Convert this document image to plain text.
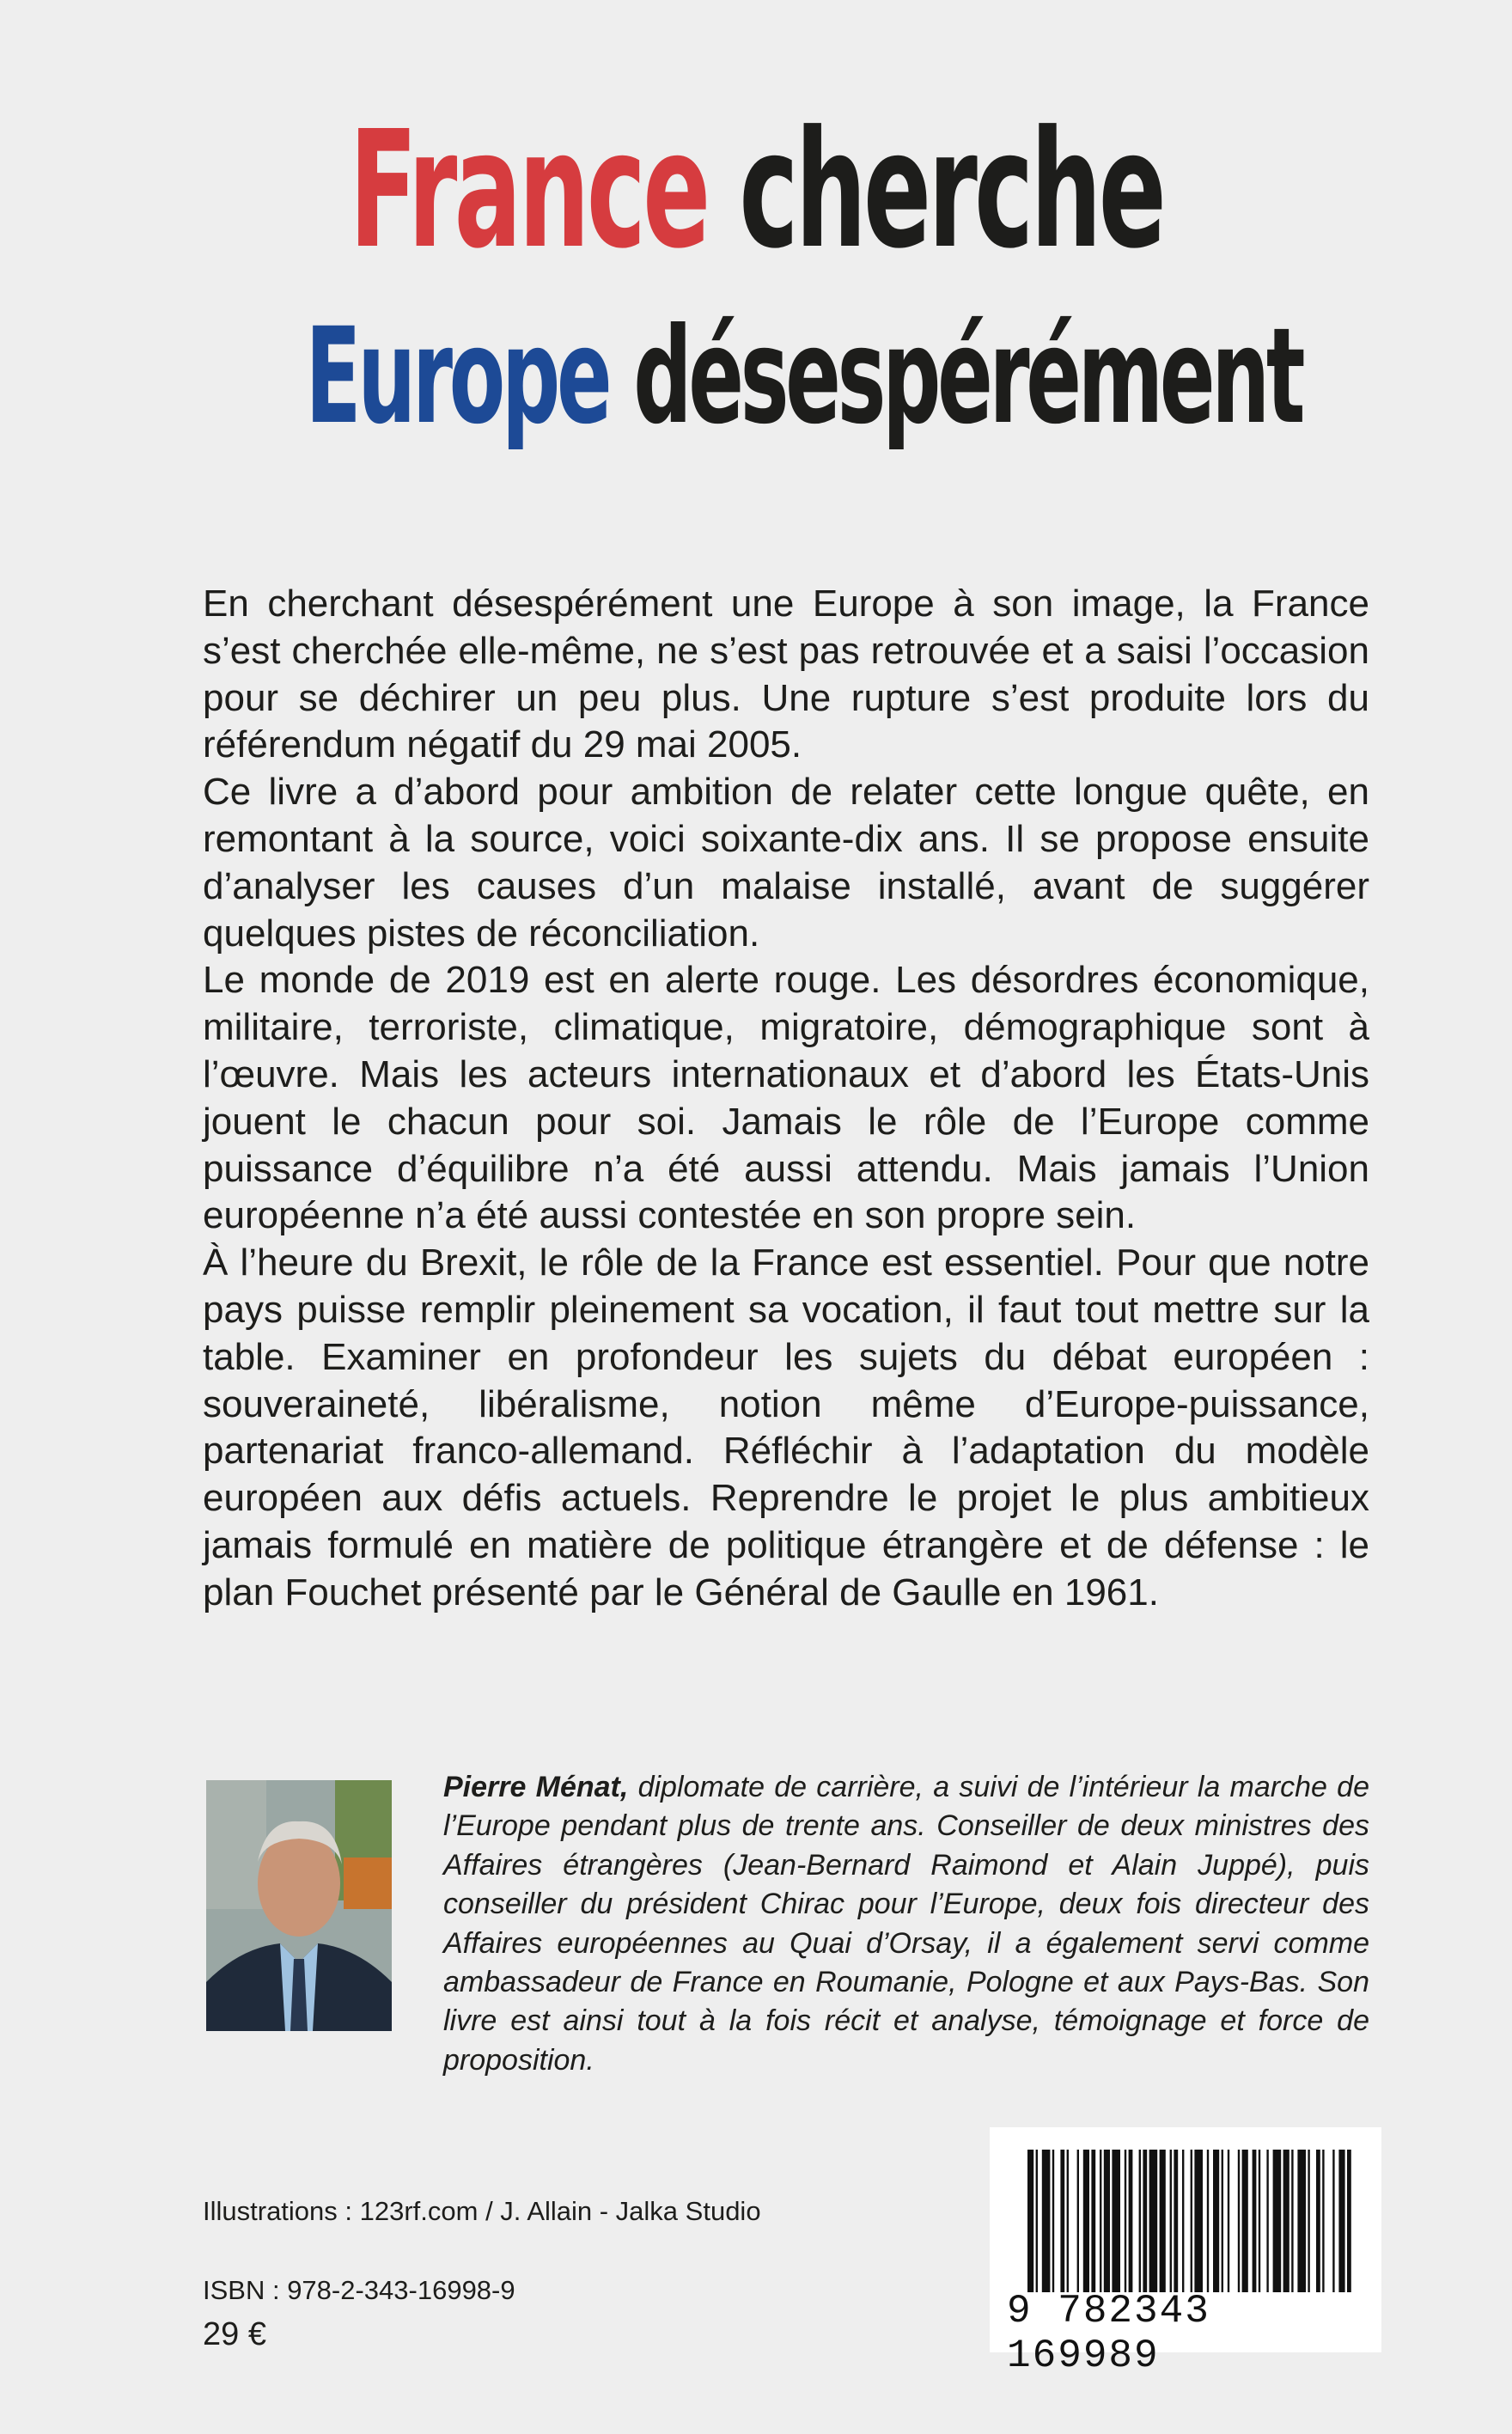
France cherche
Europe désespérément

En cherchant désespérément une Europe à son image, la France s’est cherchée elle-même, ne s’est pas retrouvée et a saisi l’occasion pour se déchirer un peu plus. Une rupture s’est produite lors du référendum négatif du 29 mai 2005.

Ce livre a d’abord pour ambition de relater cette longue quête, en remontant à la source, voici soixante-dix ans. Il se propose ensuite d’analyser les causes d’un malaise installé, avant de suggérer quelques pistes de réconciliation.

Le monde de 2019 est en alerte rouge. Les désordres économique, militaire, terroriste, climatique, migratoire, démographique sont à l’œuvre. Mais les acteurs internationaux et d’abord les États-Unis jouent le chacun pour soi. Jamais le rôle de l’Europe comme puissance d’équilibre n’a été aussi attendu. Mais jamais l’Union européenne n’a été aussi contestée en son propre sein.

À l’heure du Brexit, le rôle de la France est essentiel. Pour que notre pays puisse remplir pleinement sa vocation, il faut tout mettre sur la table. Examiner en profondeur les sujets du débat européen : souveraineté, libéralisme, notion même d’Europe-puissance, partenariat franco-allemand. Réfléchir à l’adaptation du modèle européen aux défis actuels. Reprendre le projet le plus ambitieux jamais formulé en matière de politique étrangère et de défense : le plan Fouchet présenté par le Général de Gaulle en 1961.

Pierre Ménat, diplomate de carrière, a suivi de l’intérieur la marche de l’Europe pendant plus de trente ans. Conseiller de deux ministres des Affaires étrangères (Jean-Bernard Raimond et Alain Juppé), puis conseiller du président Chirac pour l’Europe, deux fois directeur des Affaires européennes au Quai d’Orsay, il a également servi comme ambassadeur de France en Roumanie, Pologne et aux Pays-Bas. Son livre est ainsi tout à la fois récit et analyse, témoignage et force de proposition.
Illustrations : 123rf.com / J. Allain - Jalka Studio
ISBN : 978-2-343-16998-9
29 €
9 782343 169989
